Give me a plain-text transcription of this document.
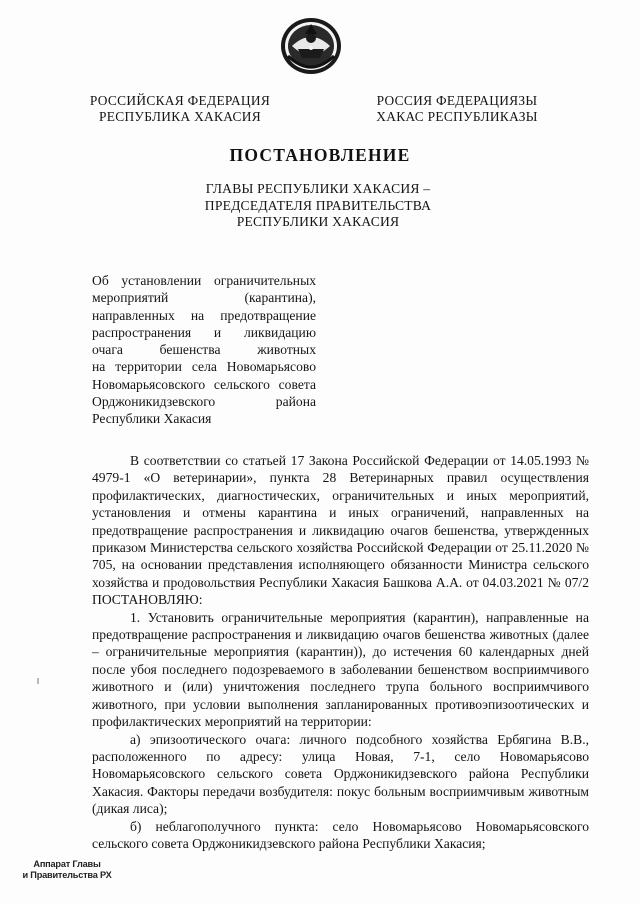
РОССИЙСКАЯ ФЕДЕРАЦИЯ
РЕСПУБЛИКА ХАКАСИЯ
РОССИЯ ФЕДЕРАЦИЯЗЫ
ХАКАС РЕСПУБЛИКАЗЫ
ПОСТАНОВЛЕНИЕ
ГЛАВЫ РЕСПУБЛИКИ ХАКАСИЯ –
ПРЕДСЕДАТЕЛЯ ПРАВИТЕЛЬСТВА
РЕСПУБЛИКИ ХАКАСИЯ
Об установлении ограничительных
мероприятий (карантина),
направленных на предотвращение
распространения и ликвидацию
очага бешенства животных
на территории села Новомарьясово
Новомарьясовского сельского совета
Орджоникидзевского района
Республики Хакасия

В соответствии со статьей 17 Закона Российской Федерации от 14.05.1993 № 4979-1 «О ветеринарии», пункта 28 Ветеринарных правил осуществления профилактических, диагностических, ограничительных и иных мероприятий, установления и отмены карантина и иных ограничений, направленных на предотвращение распространения и ликвидацию очагов бешенства, утвержденных приказом Министерства сельского хозяйства Российской Федерации от 25.11.2020 № 705, на основании представления исполняющего обязанности Министра сельского хозяйства и продовольствия Республики Хакасия Башкова А.А. от 04.03.2021 № 07/2 ПОСТАНОВЛЯЮ:

1. Установить ограничительные мероприятия (карантин), направленные на предотвращение распространения и ликвидацию очагов бешенства животных (далее – ограничительные мероприятия (карантин)), до истечения 60 календарных дней после убоя последнего подозреваемого в заболевании бешенством восприимчивого животного и (или) уничтожения последнего трупа больного восприимчивого животного, при условии выполнения запланированных противоэпизоотических и профилактических мероприятий на территории:

а) эпизоотического очага: личного подсобного хозяйства Ербягина В.В., расположенного по адресу: улица Новая, 7-1, село Новомарьясово Новомарьясовского сельского совета Орджоникидзевского района Республики Хакасия. Факторы передачи возбудителя: покус больным восприимчивым животным (дикая лиса);

б) неблагополучного пункта: село Новомарьясово Новомарьясовского сельского совета Орджоникидзевского района Республики Хакасия;

Аппарат Главы
и Правительства РХ
